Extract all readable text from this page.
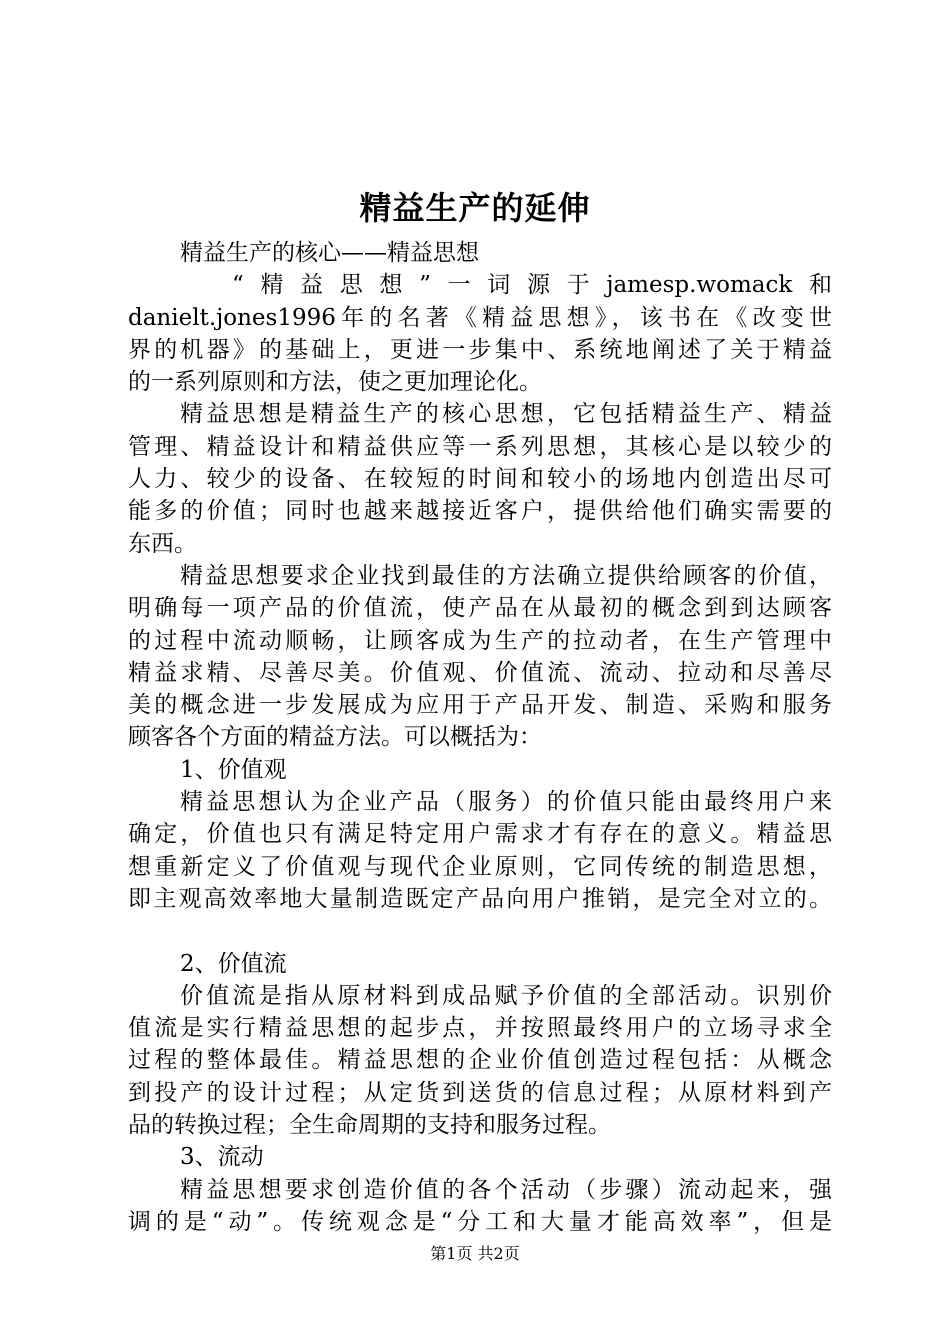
精益生产的延伸
精益生产的核心——精益思想
“精益思想”一词源于jamesp.womack和
danielt.jones1996年的名著《精益思想》，该书在《改变世
界的机器》的基础上，更进一步集中、系统地阐述了关于精益
的一系列原则和方法，使之更加理论化。
精益思想是精益生产的核心思想，它包括精益生产、精益
管理、精益设计和精益供应等一系列思想，其核心是以较少的
人力、较少的设备、在较短的时间和较小的场地内创造出尽可
能多的价值；同时也越来越接近客户，提供给他们确实需要的
东西。
精益思想要求企业找到最佳的方法确立提供给顾客的价值，
明确每一项产品的价值流，使产品在从最初的概念到到达顾客
的过程中流动顺畅，让顾客成为生产的拉动者，在生产管理中
精益求精、尽善尽美。价值观、价值流、流动、拉动和尽善尽
美的概念进一步发展成为应用于产品开发、制造、采购和服务
顾客各个方面的精益方法。可以概括为：
1、价值观
精益思想认为企业产品（服务）的价值只能由最终用户来
确定，价值也只有满足特定用户需求才有存在的意义。精益思
想重新定义了价值观与现代企业原则，它同传统的制造思想，
即主观高效率地大量制造既定产品向用户推销，是完全对立的。
2、价值流
价值流是指从原材料到成品赋予价值的全部活动。识别价
值流是实行精益思想的起步点，并按照最终用户的立场寻求全
过程的整体最佳。精益思想的企业价值创造过程包括：从概念
到投产的设计过程；从定货到送货的信息过程；从原材料到产
品的转换过程；全生命周期的支持和服务过程。
3、流动
精益思想要求创造价值的各个活动（步骤）流动起来，强
调的是“动”。传统观念是“分工和大量才能高效率”，但是
第1页 共2页
